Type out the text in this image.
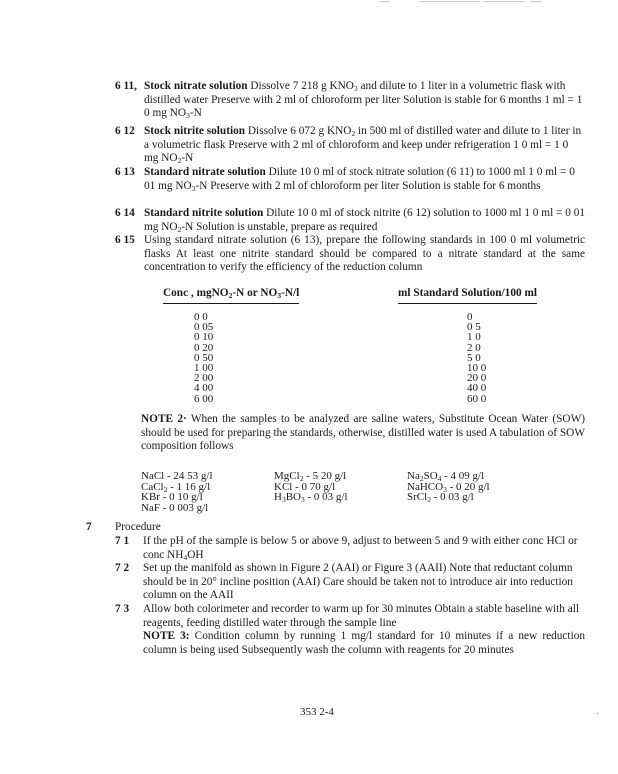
6 11, Stock nitrate solution Dissolve 7 218 g $KNO_3$ and dilute to 1 liter in a volumetric flask with distilled water Preserve with 2 ml of chloroform per liter Solution is stable for 6 months 1 ml = 1 0 mg $NO_3-N$
6 12 Stock nitrite solution Dissolve 6 072 g $KNO_2$ in 500 ml of distilled water and dilute to 1 liter in a volumetric flask Preserve with 2 ml of chloroform and keep under refrigeration 1 0 ml = 1 0 mg $NO_2-N$
6 13 Standard nitrate solution Dilute 10 0 ml of stock nitrate solution (6 11) to 1000 ml 1 0 ml = 0 01 mg $NO_3-N$ Preserve with 2 ml of chloroform per liter Solution is stable for 6 months
6 14 Standard nitrite solution Dilute 10 0 ml of stock nitrite (6 12) solution to 1000 ml 1 0 ml = 0 01 mg $NO_2-N$ Solution is unstable, prepare as required
6 15 Using standard nitrate solution (6 13), prepare the following standards in 100 0 ml volumetric flasks At least one nitrite standard should be compared to a nitrate standard at the same concentration to verify the efficiency of the reduction column
Conc , mgNO$_2$-N or $NO_3-N/l$	ml Standard Solution/100 ml
0 0
0 05
0 10
0 20
0 50
1 00
2 00
4 00
6 00
0
0 5
1 0
2 0
5 0
10 0
20 0
40 0
60 0
NOTE 2· When the samples to be analyzed are saline waters, Substitute Ocean Water (SOW) should be used for preparing the standards, otherwise, distilled water is used A tabulation of SOW composition follows
NaCl - 24 53 g/l
CaCl$_2$ - 1 16 g/l
KBr - 0 10 g/l
NaF - 0 003 g/l
MgCl$_2$ - 5 20 g/l
KCl - 0 70 g/l
$H_3BO_3 - 0$ 03 g/l
$Na_2SO_4 - 4$ 09 g/l
NaHCO$_3$ - 0 20 g/l
SrCl$_2$ - 0 03 g/l
7 Procedure
7 1 If the pH of the sample is below 5 or above 9, adjust to between 5 and 9 with either conc HCl or conc $NH_4OH$
7 2 Set up the manifold as shown in Figure 2 (AAI) or Figure 3 (AAII) Note that reductant column should be in 20° incline position (AAI) Care should be taken not to introduce air into reduction column on the AAII
7 3 Allow both colorimeter and recorder to warm up for 30 minutes Obtain a stable baseline with all reagents, feeding distilled water through the sample line
NOTE 3: Condition column by running 1 mg/l standard for 10 minutes if a new reduction column is being used Subsequently wash the column with reagents for 20 minutes
353 2-4
